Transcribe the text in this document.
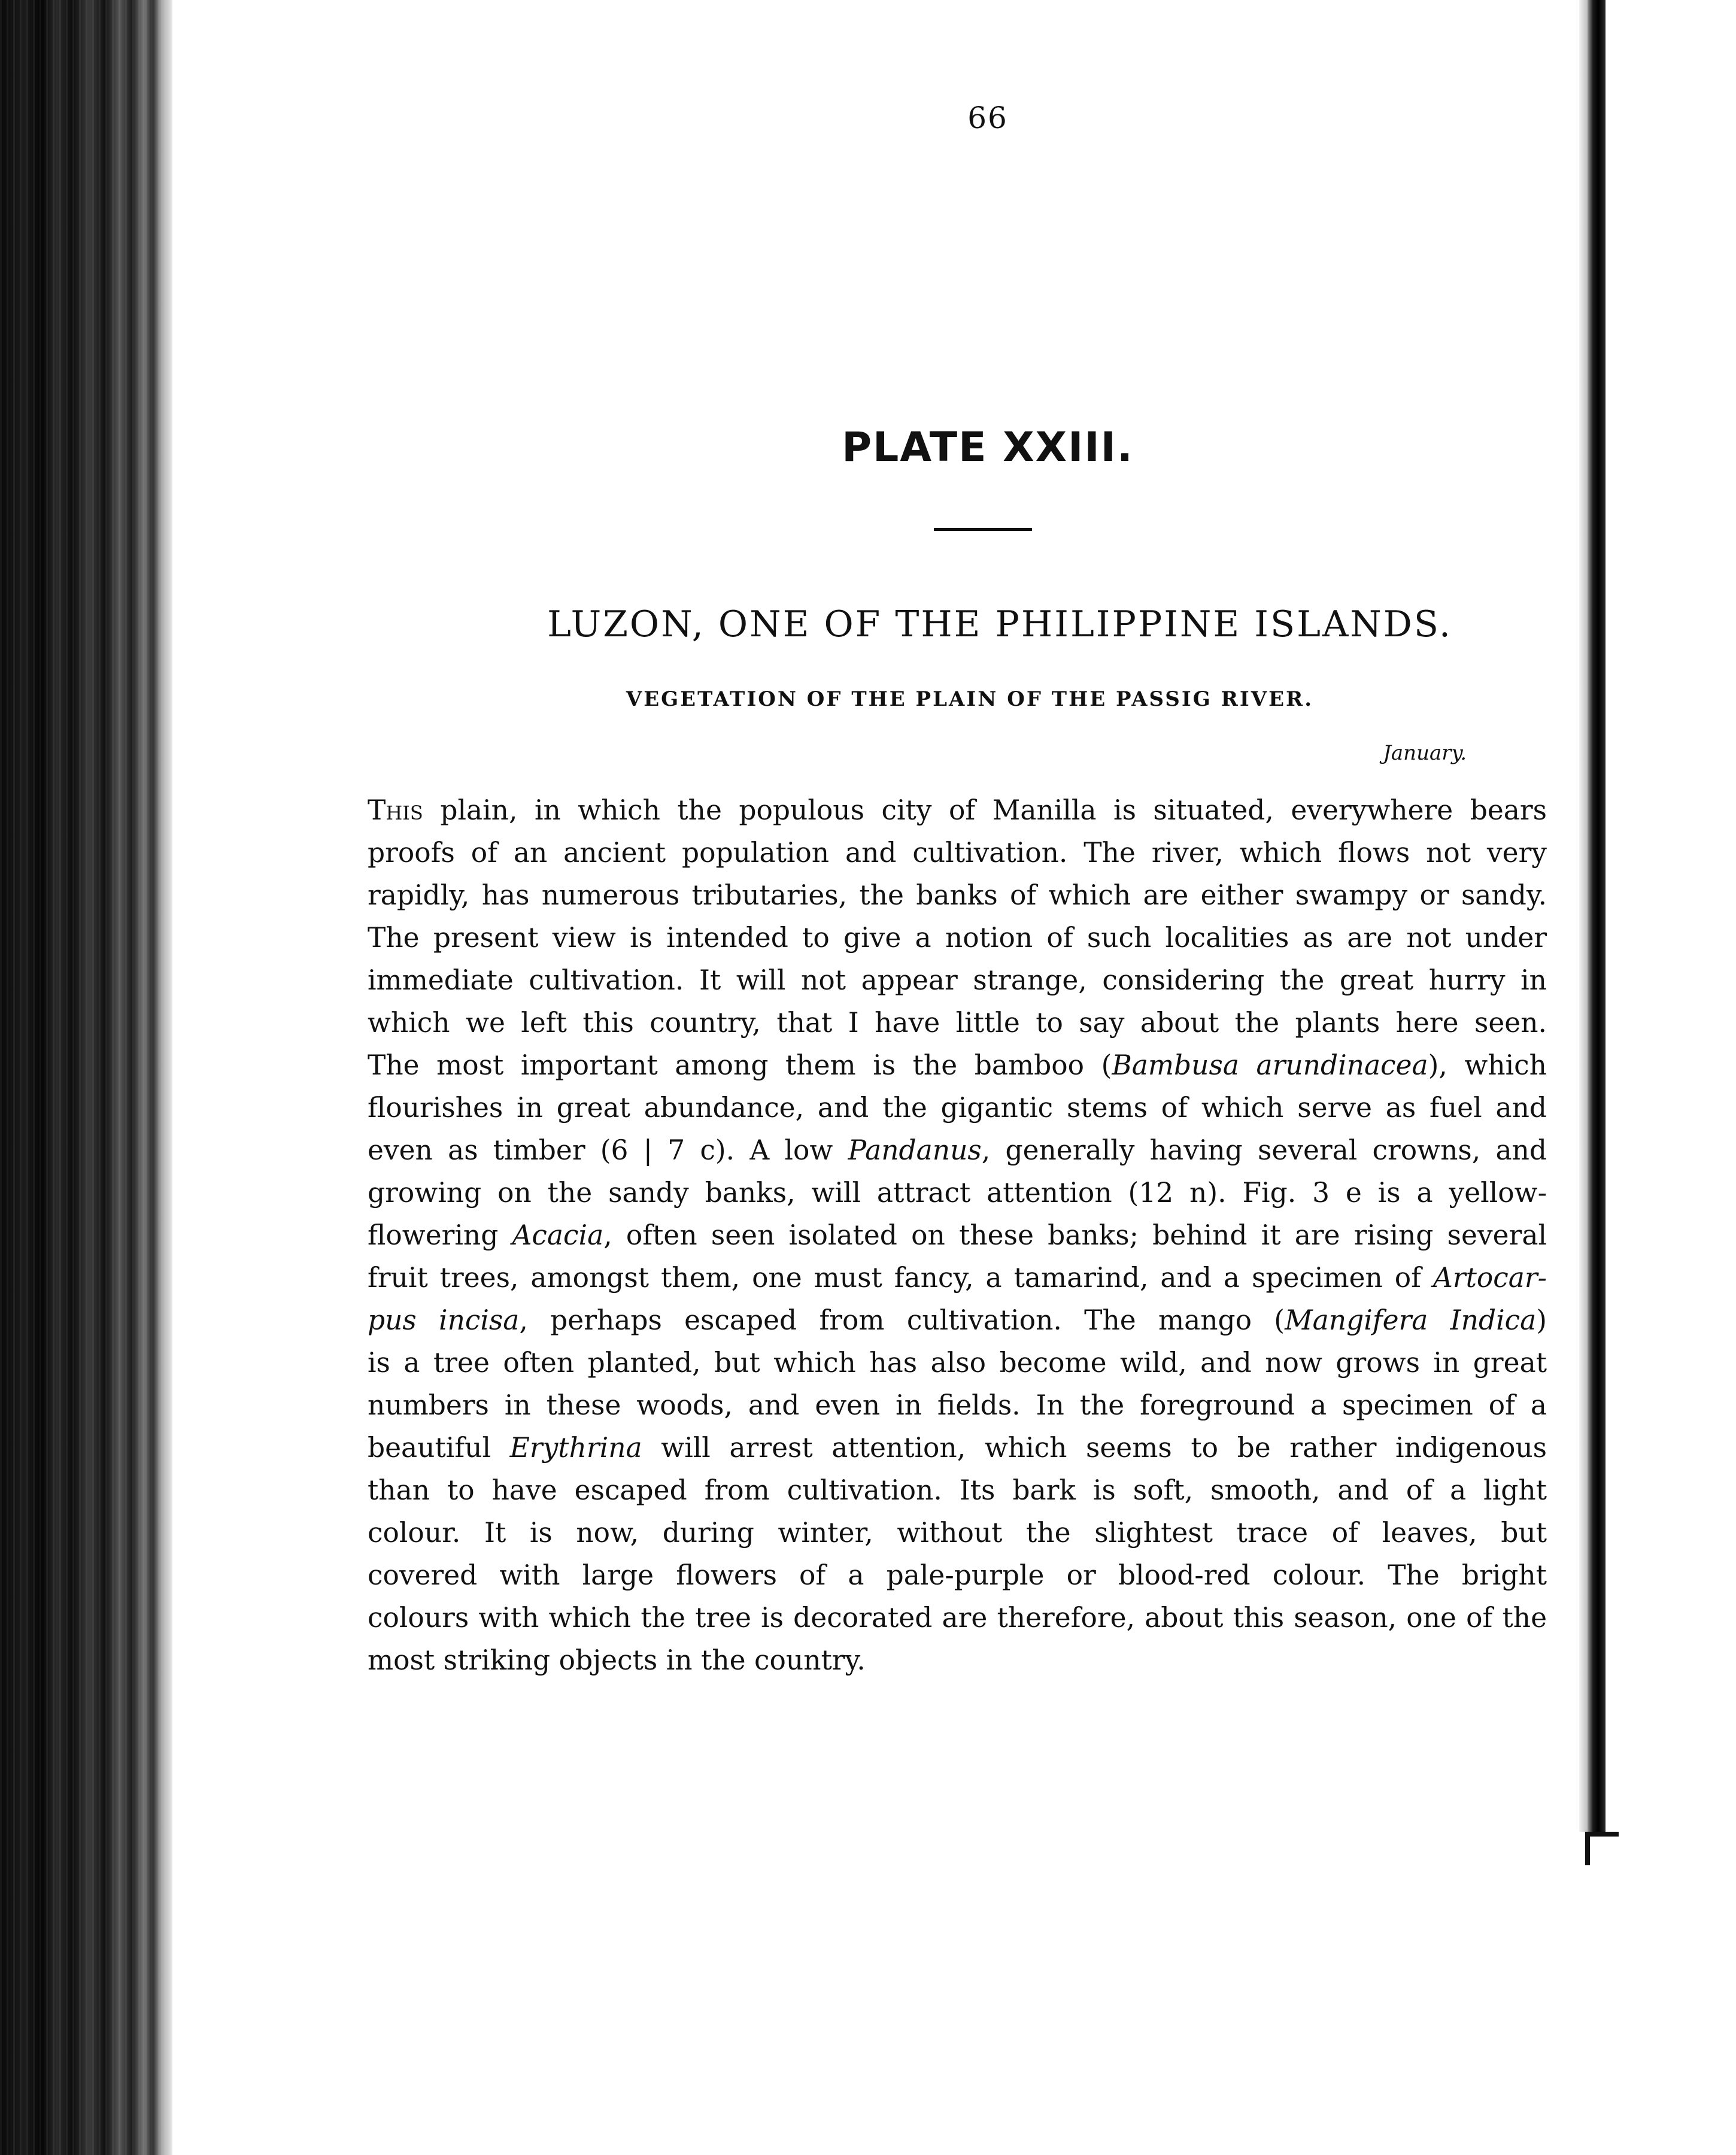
66
PLATE XXIII.
LUZON, ONE OF THE PHILIPPINE ISLANDS.
VEGETATION OF THE PLAIN OF THE PASSIG RIVER.
January.
This plain, in which the populous city of Manilla is situated, everywhere bears
proofs of an ancient population and cultivation. The river, which flows not very
rapidly, has numerous tributaries, the banks of which are either swampy or sandy.
The present view is intended to give a notion of such localities as are not under
immediate cultivation. It will not appear strange, considering the great hurry in
which we left this country, that I have little to say about the plants here seen.
The most important among them is the bamboo (Bambusa arundinacea), which
flourishes in great abundance, and the gigantic stems of which serve as fuel and
even as timber (6 | 7 c). A low Pandanus, generally having several crowns, and
growing on the sandy banks, will attract attention (12 n). Fig. 3 e is a yellow-
flowering Acacia, often seen isolated on these banks; behind it are rising several
fruit trees, amongst them, one must fancy, a tamarind, and a specimen of Artocar-
pus incisa, perhaps escaped from cultivation. The mango (Mangifera Indica)
is a tree often planted, but which has also become wild, and now grows in great
numbers in these woods, and even in fields. In the foreground a specimen of a
beautiful Erythrina will arrest attention, which seems to be rather indigenous
than to have escaped from cultivation. Its bark is soft, smooth, and of a light
colour. It is now, during winter, without the slightest trace of leaves, but
covered with large flowers of a pale-purple or blood-red colour. The bright
colours with which the tree is decorated are therefore, about this season, one of the
most striking objects in the country.
